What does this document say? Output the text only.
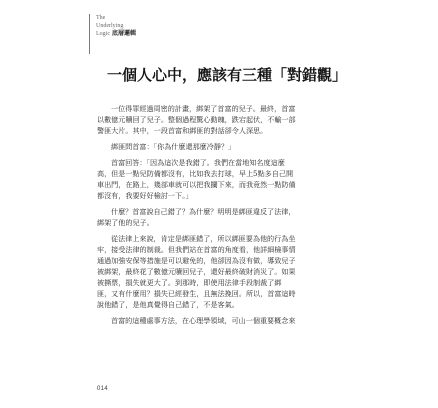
The
Underlying
Logic 底層邏輯
一個人心中，應該有三種「對錯觀」

一位得罪經過周密的計畫，綁架了首富的兒子。最終，首富
以數億元贖回了兒子。整個過程驚心動魄，跌宕起伏，不輸一部
警匪大片。其中，一段首富和綁匪的對話卻令人深思。

綁匪問首富：「你為什麼還那麼冷靜？」

首富回答：「因為這次是我錯了。我們在當地知名度這麼
高，但是一點兒防備都沒有，比如我去打球，早上5點多自己開
車出門，在路上，幾部車就可以把我攔下來，而我竟然一點防備
都沒有，我要好好檢討一下。」

什麼？首富說自己錯了？為什麼？明明是綁匪違反了法律，
綁架了他的兒子。

從法律上來說，肯定是綁匪錯了，所以綁匪要為他的行為坐
牢，接受法律的制裁。但我們站在首富的角度看，他詳細檢事情
通過加強安保等措施是可以避免的，他卻因為沒有做，導致兒子
被綁架，最終花了數億元贖回兒子，還好最終破財消災了。如果
被撕票，損失就更大了。到那時，即使用法律手段制裁了綁
匪，又有什麼用？損失已經發生，且無法挽回。所以，首富這時
說他錯了，是他真覺得自己錯了，不是客氣。

首富的這種處事方法，在心理學領域，可山一個重要概念來

014
